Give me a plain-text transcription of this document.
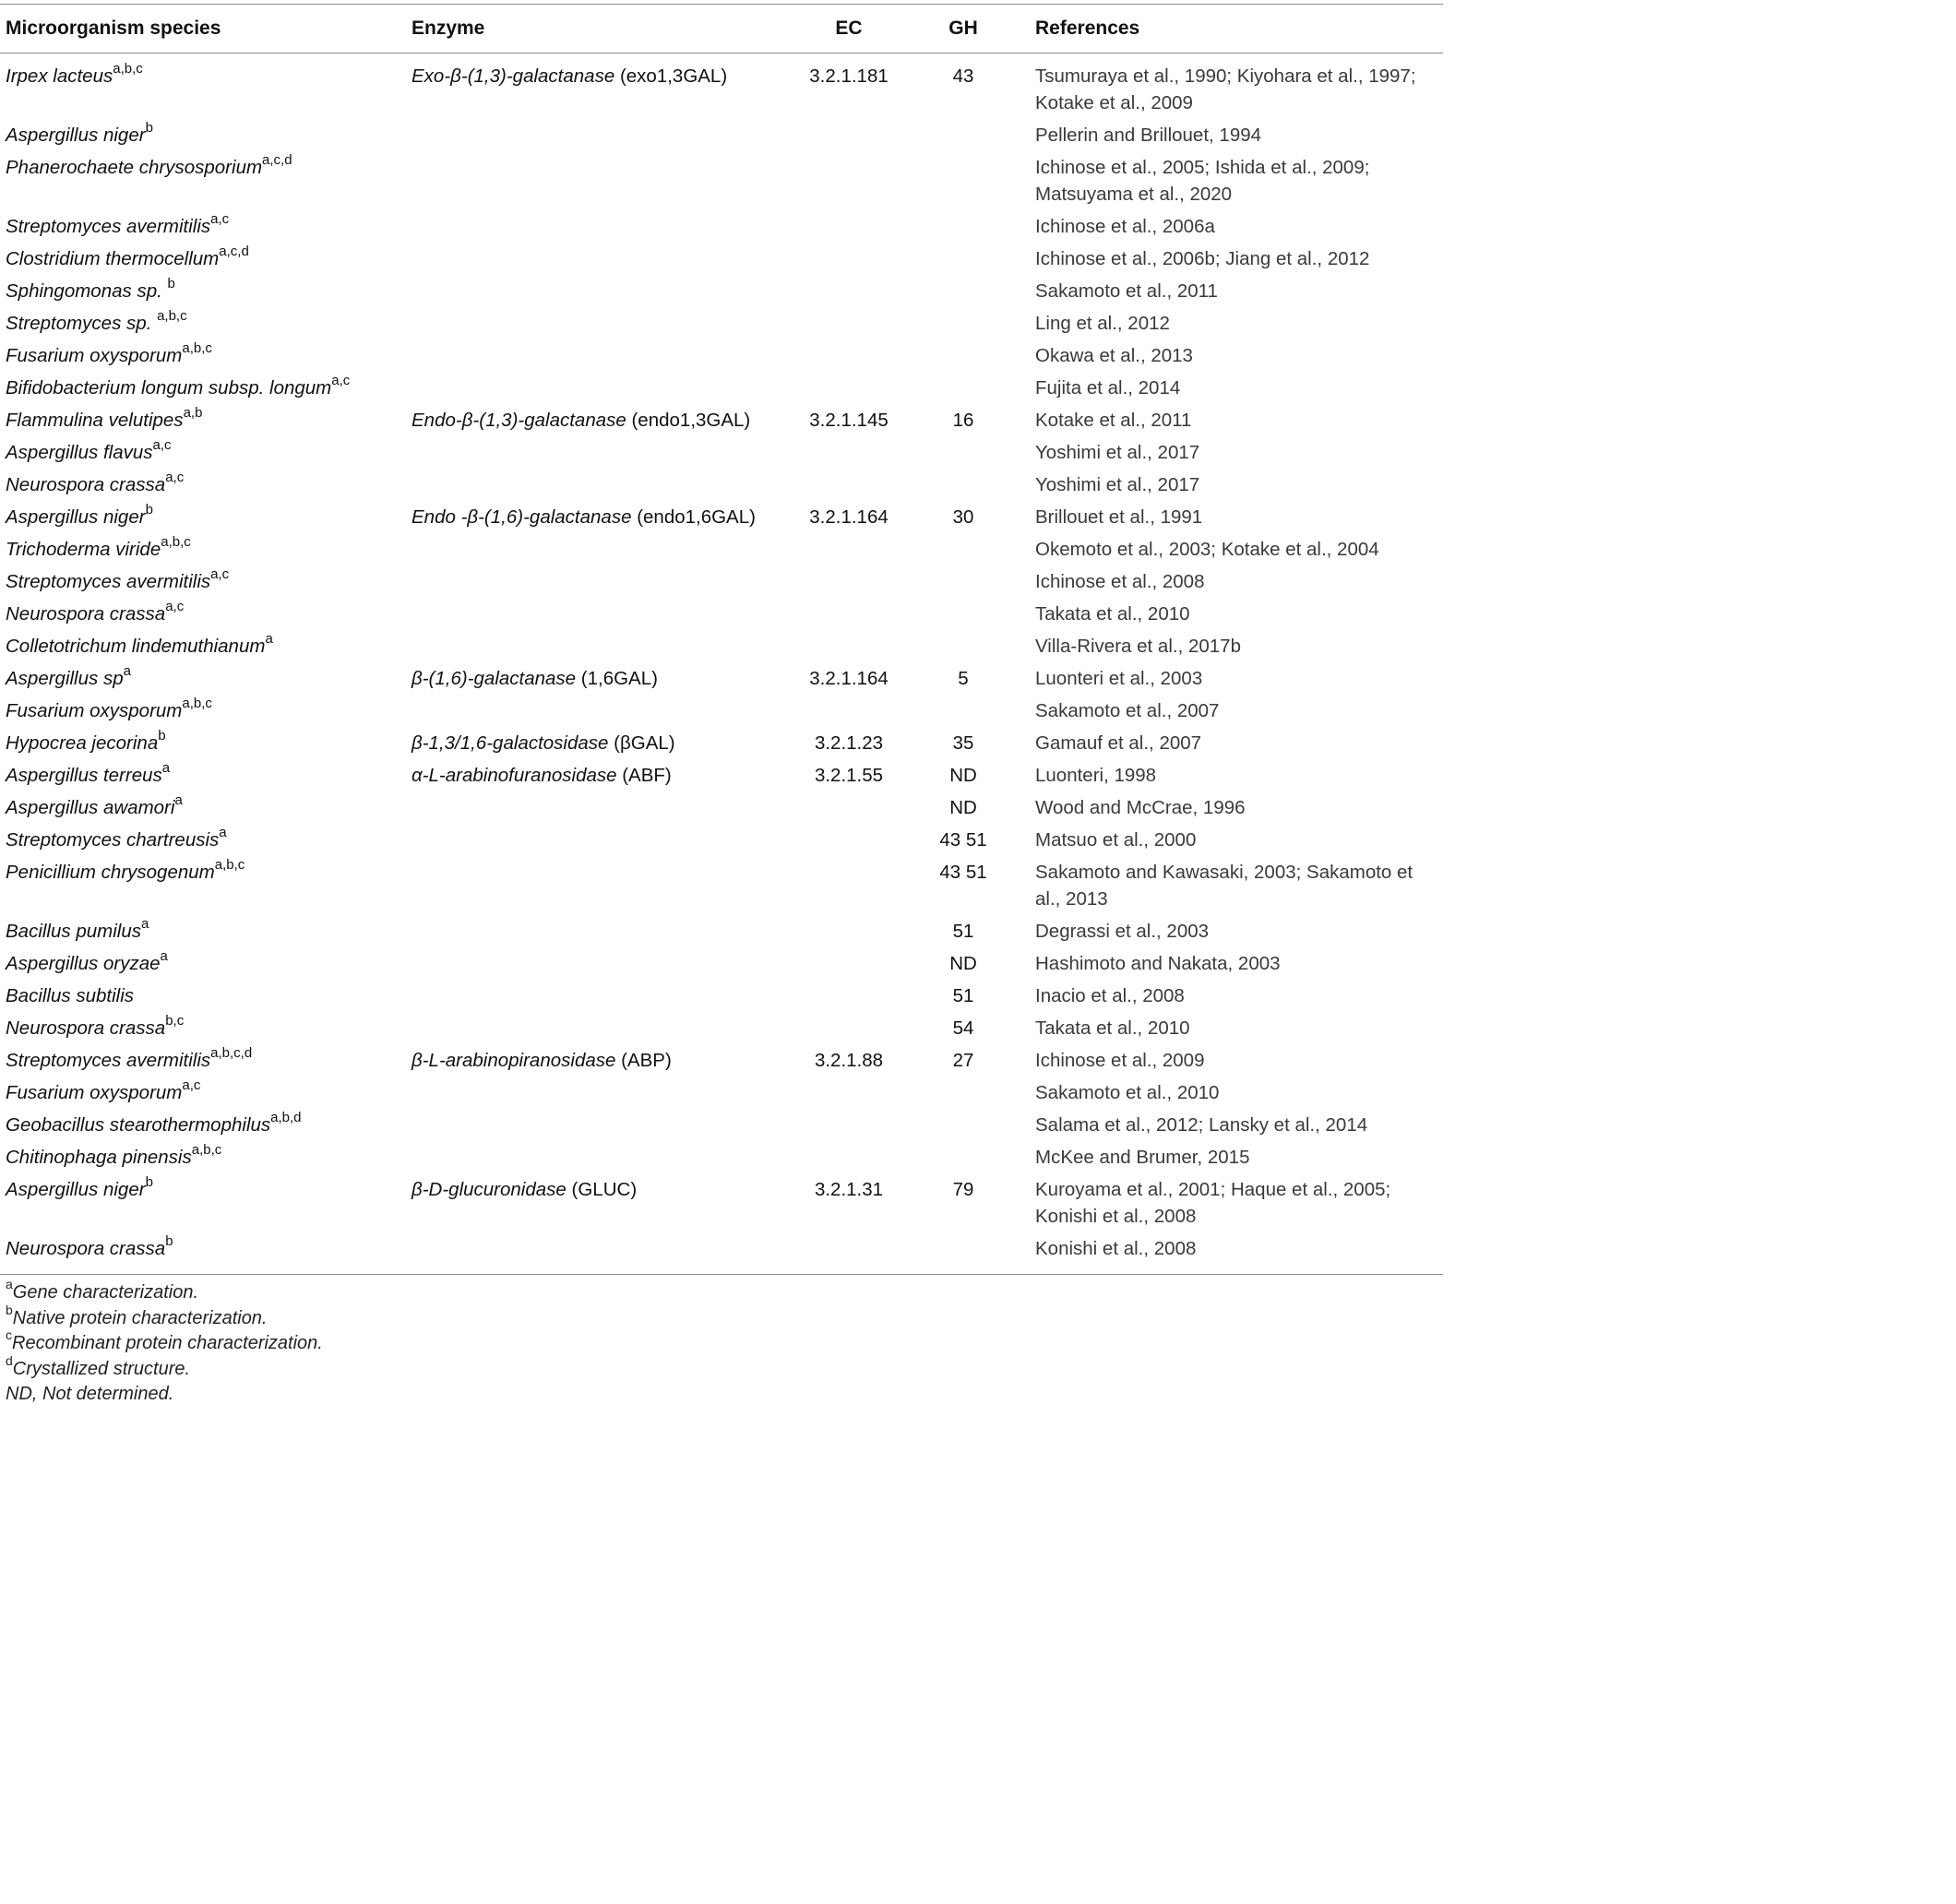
Microorganism species	Enzyme	EC	GH	References
Irpex lacteus$^{a,b,c}$	Exo-β-(1,3)-galactanase (exo1,3GAL)	3.2.1.181	43	Tsumuraya et al., 1990; Kiyohara et al., 1997; Kotake et al., 2009
Aspergillus niger$^b$				Pellerin and Brillouet, 1994
Phanerochaete chrysosporium$^{a,c,d}$				Ichinose et al., 2005; Ishida et al., 2009; Matsuyama et al., 2020
Streptomyces avermitilis$^{a,c}$				Ichinose et al., 2006a
Clostridium thermocellum$^{a,c,d}$				Ichinose et al., 2006b; Jiang et al., 2012
Sphingomonas sp. $^b$				Sakamoto et al., 2011
Streptomyces sp. $^{a,b,c}$				Ling et al., 2012
Fusarium oxysporum$^{a,b,c}$				Okawa et al., 2013
Bifidobacterium longum subsp. longum$^{a,c}$				Fujita et al., 2014
Flammulina velutipes$^{a,b}$	Endo-β-(1,3)-galactanase (endo1,3GAL)	3.2.1.145	16	Kotake et al., 2011
Aspergillus flavus$^{a,c}$				Yoshimi et al., 2017
Neurospora crassa$^{a,c}$				Yoshimi et al., 2017
Aspergillus niger$^b$	Endo -β-(1,6)-galactanase (endo1,6GAL)	3.2.1.164	30	Brillouet et al., 1991
Trichoderma viride$^{a,b,c}$				Okemoto et al., 2003; Kotake et al., 2004
Streptomyces avermitilis$^{a,c}$				Ichinose et al., 2008
Neurospora crassa$^{a,c}$				Takata et al., 2010
Colletotrichum lindemuthianum$^a$				Villa-Rivera et al., 2017b
Aspergillus $sp^a$	β-(1,6)-galactanase (1,6GAL)	3.2.1.164	5	Luonteri et al., 2003
Fusarium oxysporum$^{a,b,c}$				Sakamoto et al., 2007
Hypocrea jecorina$^b$	β-1,3/1,6-galactosidase (βGAL)	3.2.1.23	35	Gamauf et al., 2007
Aspergillus terreus$^a$	α-L-arabinofuranosidase (ABF)	3.2.1.55	ND	Luonteri, 1998
Aspergillus awamori$^a$			ND	Wood and McCrae, 1996
Streptomyces chartreusis$^a$			43 51	Matsuo et al., 2000
Penicillium chrysogenum$^{a,b,c}$			43 51	Sakamoto and Kawasaki, 2003; Sakamoto et al., 2013
Bacillus pumilus$^a$			51	Degrassi et al., 2003
Aspergillus oryzae$^a$			ND	Hashimoto and Nakata, 2003
Bacillus subtilis			51	Inacio et al., 2008
Neurospora crassa$^{b,c}$			54	Takata et al., 2010
Streptomyces avermitilis$^{a,b,c,d}$	β-L-arabinopiranosidase (ABP)	3.2.1.88	27	Ichinose et al., 2009
Fusarium oxysporum$^{a,c}$				Sakamoto et al., 2010
Geobacillus stearothermophilus$^{a,b,d}$				Salama et al., 2012; Lansky et al., 2014
Chitinophaga pinensis$^{a,b,c}$				McKee and Brumer, 2015
Aspergillus niger$^b$	β-D-glucuronidase (GLUC)	3.2.1.31	79	Kuroyama et al., 2001; Haque et al., 2005; Konishi et al., 2008
Neurospora crassa$^b$				Konishi et al., 2008
$^a$Gene characterization.
$^b$Native protein characterization.
$^c$Recombinant protein characterization.
$^d$Crystallized structure.
ND, Not determined.
